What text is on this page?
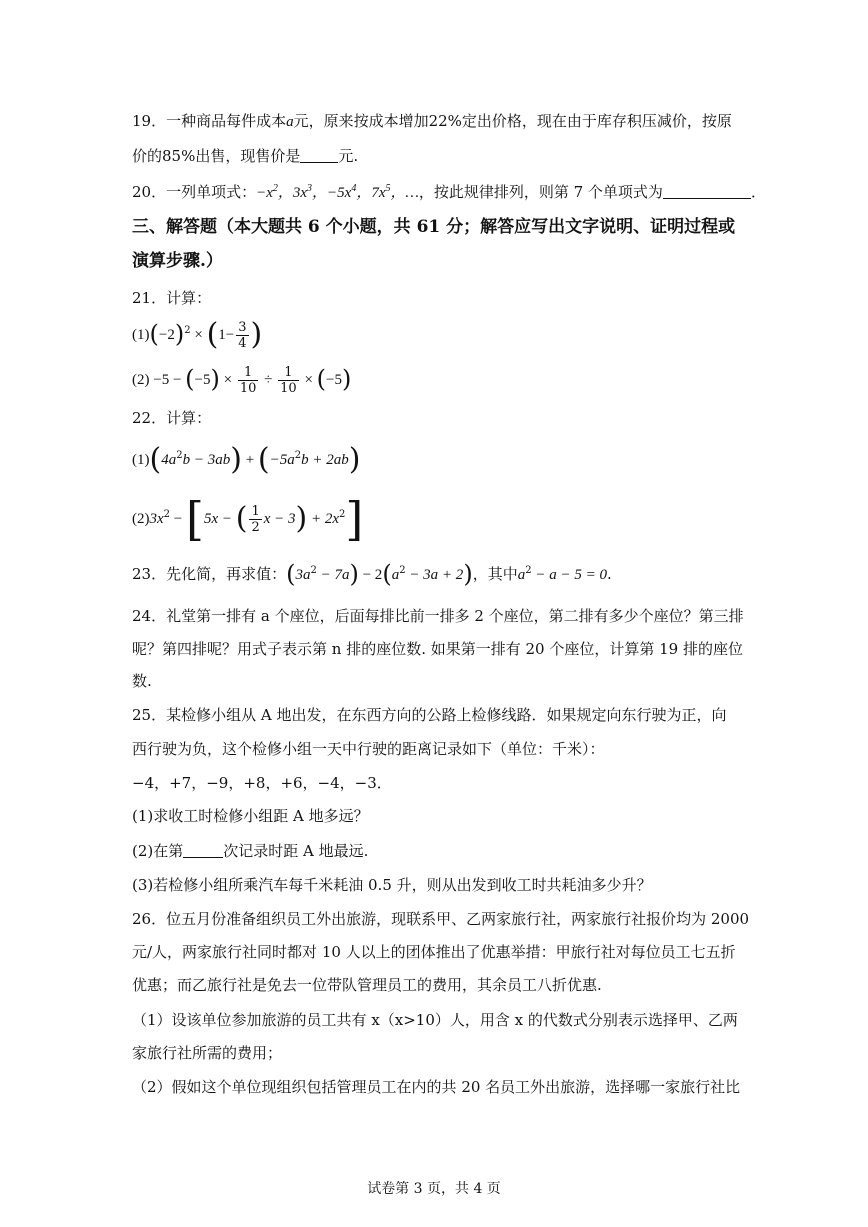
19．一种商品每件成本a元，原来按成本增加22%定出价格，现在由于库存积压减价，按原
价的85%出售，现售价是	元.
20．一列单项式：$-x^2$，$3x^3$，$-5x^4$，$7x^5$，…，按此规律排列，则第 7 个单项式为	．
三、解答题（本大题共 6 个小题，共 61 分；解答应写出文字说明、证明过程或
演算步骤.）
21．计算：
$(1)(-2)^2 \times (1- \frac{3}{4}$ )
$(2) -5 - (-5) \times \frac{1}{10} \div \frac{1}{10} \times (-5)$
22．计算：
$(1)(4a^2b - 3ab) + (-5a^2b + 2ab)$
$(2)3x^2 - [5x$ − ( $\frac{1}{2}$ $x - 3) + 2x^2$]
23．先化简，再求值：$(3a^2 - 7a) - 2(a^2 - 3a + 2)$，其中$a^2 - a - 5 = 0$.
24．礼堂第一排有 a 个座位，后面每排比前一排多 2 个座位，第二排有多少个座位？第三排
呢？第四排呢？用式子表示第 n 排的座位数. 如果第一排有 20 个座位，计算第 19 排的座位
数.
25．某检修小组从 A 地出发，在东西方向的公路上检修线路．如果规定向东行驶为正，向
西行驶为负，这个检修小组一天中行驶的距离记录如下（单位：千米）：
−4，+7，−9，+8，+6，−4，−3．
(1)求收工时检修小组距 A 地多远？
(2)在第	次记录时距 A 地最远.
(3)若检修小组所乘汽车每千米耗油 0.5 升，则从出发到收工时共耗油多少升？
26．位五月份准备组织员工外出旅游，现联系甲、乙两家旅行社，两家旅行社报价均为 2000
元/人，两家旅行社同时都对 10 人以上的团体推出了优惠举措：甲旅行社对每位员工七五折
优惠；而乙旅行社是免去一位带队管理员工的费用，其余员工八折优惠.
（1）设该单位参加旅游的员工共有 x（x>10）人，用含 x 的代数式分别表示选择甲、乙两
家旅行社所需的费用；
（2）假如这个单位现组织包括管理员工在内的共 20 名员工外出旅游，选择哪一家旅行社比
试卷第 3 页，共 4 页
